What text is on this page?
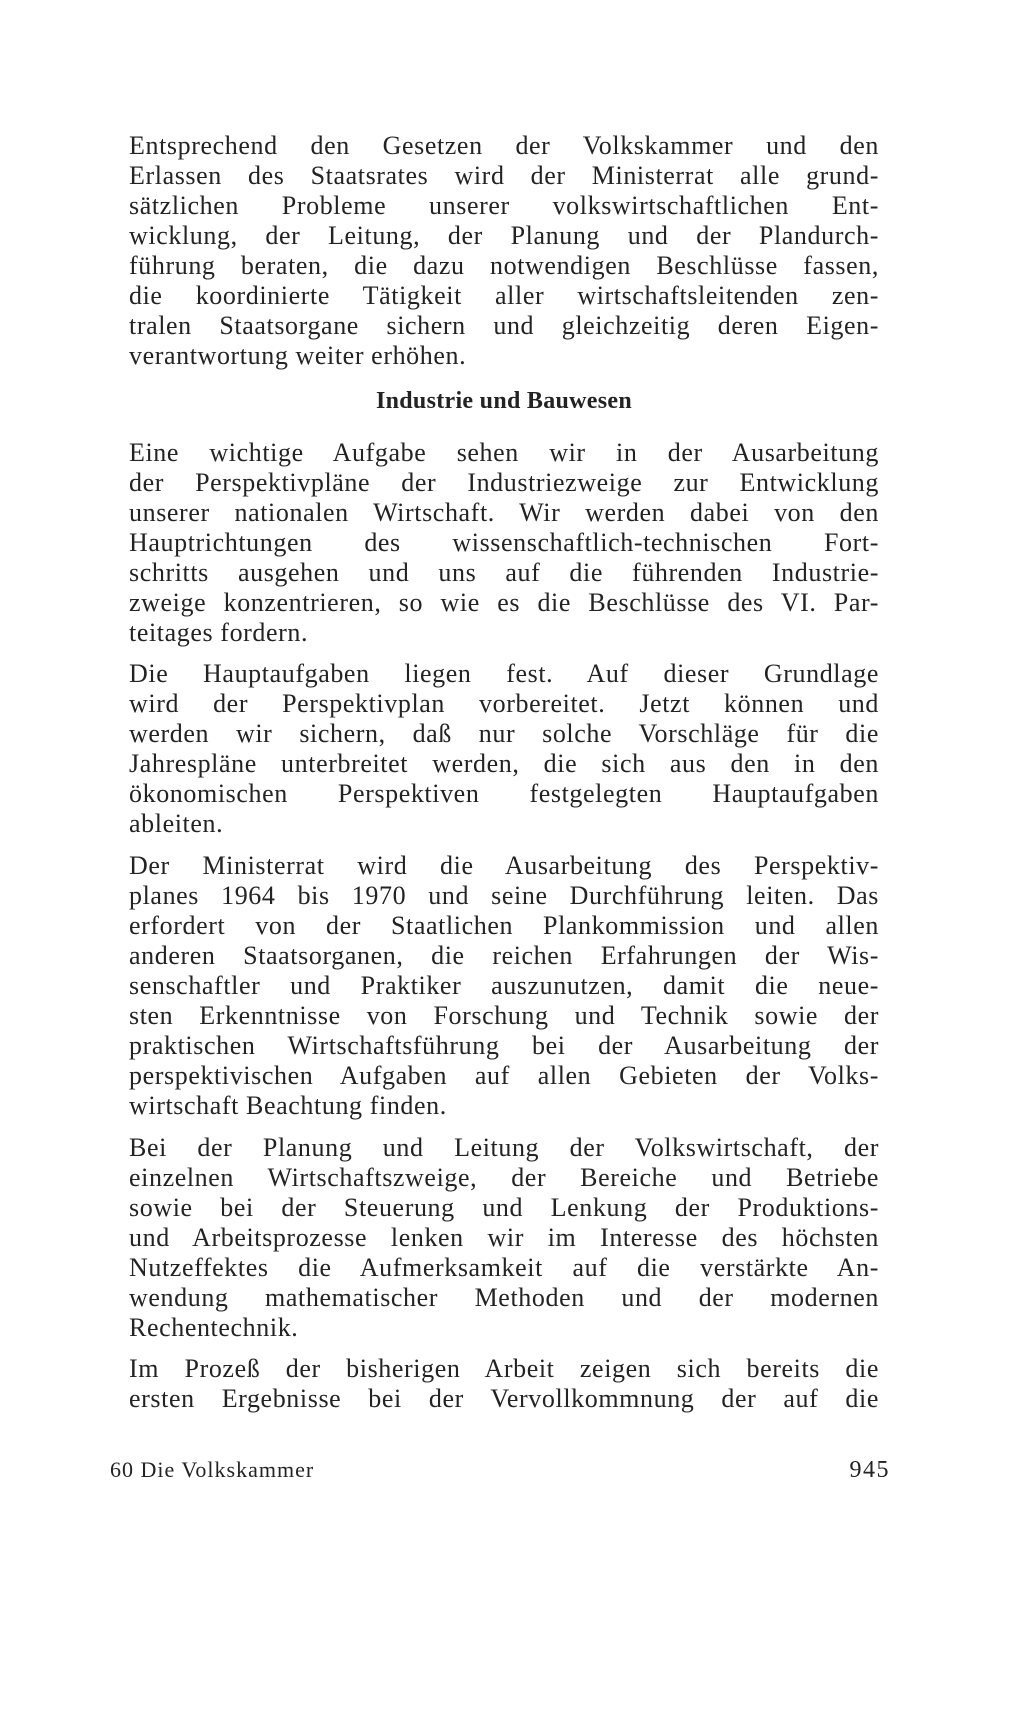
Entsprechend den Gesetzen der Volkskammer und den
Erlassen des Staatsrates wird der Ministerrat alle grund-
sätzlichen Probleme unserer volkswirtschaftlichen Ent-
wicklung, der Leitung, der Planung und der Plandurch-
führung beraten, die dazu notwendigen Beschlüsse fassen,
die koordinierte Tätigkeit aller wirtschaftsleitenden zen-
tralen Staatsorgane sichern und gleichzeitig deren Eigen-
verantwortung weiter erhöhen.
Industrie und Bauwesen
Eine wichtige Aufgabe sehen wir in der Ausarbeitung
der Perspektivpläne der Industriezweige zur Entwicklung
unserer nationalen Wirtschaft. Wir werden dabei von den
Hauptrichtungen des wissenschaftlich-technischen Fort-
schritts ausgehen und uns auf die führenden Industrie-
zweige konzentrieren, so wie es die Beschlüsse des VI. Par-
teitages fordern.
Die Hauptaufgaben liegen fest. Auf dieser Grundlage
wird der Perspektivplan vorbereitet. Jetzt können und
werden wir sichern, daß nur solche Vorschläge für die
Jahrespläne unterbreitet werden, die sich aus den in den
ökonomischen Perspektiven festgelegten Hauptaufgaben
ableiten.
Der Ministerrat wird die Ausarbeitung des Perspektiv-
planes 1964 bis 1970 und seine Durchführung leiten. Das
erfordert von der Staatlichen Plankommission und allen
anderen Staatsorganen, die reichen Erfahrungen der Wis-
senschaftler und Praktiker auszunutzen, damit die neue-
sten Erkenntnisse von Forschung und Technik sowie der
praktischen Wirtschaftsführung bei der Ausarbeitung der
perspektivischen Aufgaben auf allen Gebieten der Volks-
wirtschaft Beachtung finden.
Bei der Planung und Leitung der Volkswirtschaft, der
einzelnen Wirtschaftszweige, der Bereiche und Betriebe
sowie bei der Steuerung und Lenkung der Produktions-
und Arbeitsprozesse lenken wir im Interesse des höchsten
Nutzeffektes die Aufmerksamkeit auf die verstärkte An-
wendung mathematischer Methoden und der modernen
Rechentechnik.
Im Prozeß der bisherigen Arbeit zeigen sich bereits die
ersten Ergebnisse bei der Vervollkommnung der auf die
60 Die Volkskammer	945
